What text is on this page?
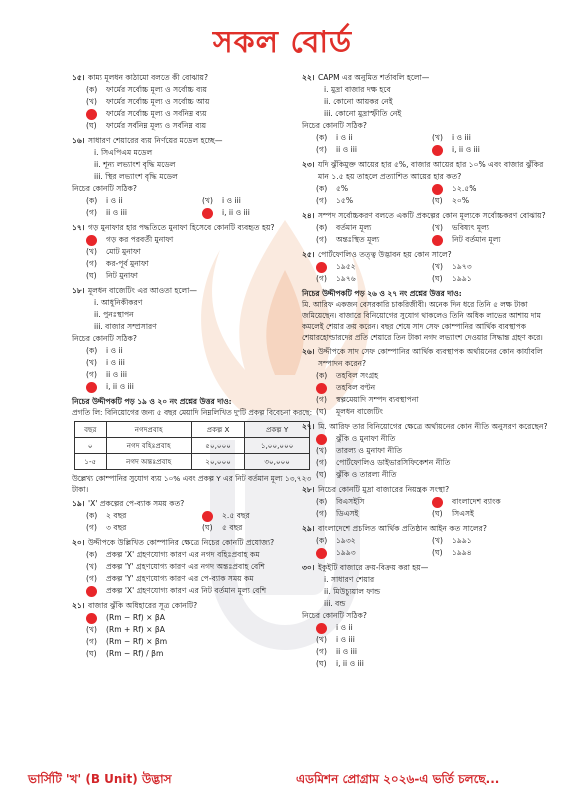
সকল বোর্ড
১৫। কাম্য মূলধন কাঠামো বলতে কী বোঝায়?
(ক)	ফার্মের সর্বোচ্চ মূল্য ও সর্বোচ্চ ব্যয়
(খ)	ফার্মের সর্বোচ্চ মূল্য ও সর্বোচ্চ আয়
ফার্মের সর্বোচ্চ মূল্য ও সর্বনিম্ন ব্যয়
(ঘ)	ফার্মের সর্বনিম্ন মূল্য ও সর্বনিম্ন ব্যয়
১৬। সাধারণ শেয়ারের ব্যয় নির্ণয়ের মডেল হচ্ছে—
i. সিএপিএম মডেল
ii. শূন্য লভ্যাংশ বৃদ্ধি মডেল
iii. স্থির লভ্যাংশ বৃদ্ধি মডেল
নিচের কোনটি সঠিক?
(ক)	i ও ii	(খ)	i ও iii
(গ)	ii ও iii	i, ii ও iii
১৭। গড় মুনাফার হার পদ্ধতিতে মুনাফা হিসেবে কোনটি ব্যবহৃত হয়?
গড় কর পরবর্তী মুনাফা
(খ)	মোট মুনাফা
(গ)	কর-পূর্ব মুনাফা
(ঘ)	নিট মুনাফা
১৮। মূলধন বাজেটিং এর আওতা হলো—
i. আধুনিকীকরণ
ii. পুনঃস্থাপন
iii. বাজার সম্প্রসারণ
নিচের কোনটি সঠিক?
(ক)	i ও ii
(খ)	i ও iii
(গ)	ii ও iii
i, ii ও iii
নিচের উদ্দীপকটি পড় ১৯ ও ২০ নং প্রশ্নের উত্তর দাও:
প্রগতি লি: বিনিয়োগের জন্য ৫ বছর মেয়াদি নিম্নলিখিত দু'টি প্রকল্প বিবেচনা করছে:
বছর	নগদপ্রবাহ	প্রকল্প X	প্রকল্প Y
০	নগদ বহিঃপ্রবাহ	৫০,০০০	১,০০,০০০
১-৫	নগদ অন্তঃপ্রবাহ	২০,০০০	৩০,০০০
উল্লেখ্য কোম্পানির সুযোগ ব্যয় ১০% এবং প্রকল্প Y এর নিট বর্তমান মূল্য ১৩,৭২৩ টাকা।
১৯। 'X' প্রকল্পের পে-ব্যাক সময় কত?
(ক)	২ বছর	২.৫ বছর
(গ)	৩ বছর	(ঘ)	৫ বছর
২০। উদ্দীপকে উল্লিখিত কোম্পানির ক্ষেত্রে নিচের কোনটি প্রযোজ্য?
(ক)	প্রকল্প 'X' গ্রহণযোগ্য কারণ এর নগদ বহিঃপ্রবাহ কম
(খ)	প্রকল্প 'Y' গ্রহণযোগ্য কারণ এর নগদ অন্তঃপ্রবাহ বেশি
(গ)	প্রকল্প 'Y' গ্রহণযোগ্য কারণ এর পে-ব্যাক সময় কম
প্রকল্প 'X' গ্রহণযোগ্য কারণ এর নিট বর্তমান মূল্য বেশি
২১। বাজার ঝুঁকি অধিহারের সূত্র কোনটি?
(Rm − Rf) × βA
(খ)	(Rm + Rf) × βA
(গ)	(Rm − Rf) × βm
(ঘ)	(Rm − Rf) / βm
২২। CAPM এর অনুমিত শর্তাবলি হলো—
i. মুদ্রা বাজার দক্ষ হবে
ii. কোনো আয়কর নেই
iii. কোনো মুদ্রাস্ফীতি নেই
নিচের কোনটি সঠিক?
(ক)	i ও ii	(খ)	i ও iii
(গ)	ii ও iii	i, ii ও iii
২৩। যদি ঝুঁকিমুক্ত আয়ের হার ৫%, বাজার আয়ের হার ১০% এবং বাজার ঝুঁকির মান ১.৫ হয় তাহলে প্রত্যাশিত আয়ের হার কত?
(ক)	৫%	১২.৫%
(গ)	১৫%	(ঘ)	২০%
২৪। সম্পদ সর্বোচ্চকরণ বলতে একটি প্রকল্পের কোন মূল্যকে সর্বোচ্চকরণ বোঝায়?
(ক)	বর্তমান মূল্য	(খ)	ভবিষ্যৎ মূল্য
(গ)	অন্তঃস্থিত মূল্য	নিট বর্তমান মূল্য
২৫। পোর্টফোলিও তত্ত্ব উদ্ভাবন হয় কোন সালে?
১৯৫২	(খ)	১৯৭৩
(গ)	১৯৭৬	(ঘ)	১৯৯১
নিচের উদ্দীপকটি পড় ২৬ ও ২৭ নং প্রশ্নের উত্তর দাও:
মি. আরিফ একজন বেসরকারি চাকরিজীবী। অনেক দিন ধরে তিনি ৫ লক্ষ টাকা জমিয়েছেন। বাজারে বিনিয়োগের সুযোগ থাকলেও তিনি অধিক লাভের আশায় দাম কমলেই শেয়ার ক্রয় করেন। বছর শেষে সাদ সেফ কোম্পানির আর্থিক ব্যবস্থাপক শেয়ারহোল্ডারদের প্রতি শেয়ারে তিন টাকা নগদ লভ্যাংশ দেওয়ার সিদ্ধান্ত গ্রহণ করে।
২৬। উদ্দীপকে সাদ সেফ কোম্পানির আর্থিক ব্যবস্থাপক অর্থায়নের কোন কার্যাবলি সম্পাদন করেন?
(ক)	তহবিল সংগ্রহ
তহবিল বণ্টন
(গ)	স্বল্পমেয়াদি সম্পদ ব্যবস্থাপনা
(ঘ)	মূলধন বাজেটিং
২৭। মি. আরিফ তার বিনিয়োগের ক্ষেত্রে অর্থায়নের কোন নীতি অনুসরণ করেছেন?
ঝুঁকি ও মুনাফা নীতি
(খ)	তারল্য ও মুনাফা নীতি
(গ)	পোর্টফোলিও ডাইভারসিফিকেশন নীতি
(ঘ)	ঝুঁকি ও তারল্য নীতি
২৮। নিচের কোনটি মুদ্রা বাজারের নিয়ন্ত্রক সংস্থা?
(ক)	বিএসইসি	বাংলাদেশ ব্যাংক
(গ)	ডিএসই	(ঘ)	সিএসই
২৯। বাংলাদেশে প্রচলিত আর্থিক প্রতিষ্ঠান আইন কত সালের?
(ক)	১৯৩২	(খ)	১৯৯১
১৯৯৩	(ঘ)	১৯৯৪
৩০। ইকুইটি বাজারে ক্রয়-বিক্রয় করা হয়—
i. সাধারণ শেয়ার
ii. মিউচ্যুয়াল ফান্ড
iii. বন্ড
নিচের কোনটি সঠিক?
i ও ii
(খ)	i ও iii
(গ)	ii ও iii
(ঘ)	i, ii ও iii
ভার্সিটি 'খ' (B Unit) উদ্ভাস	এডমিশন প্রোগ্রাম ২০২৬-এ ভর্তি চলছে...
